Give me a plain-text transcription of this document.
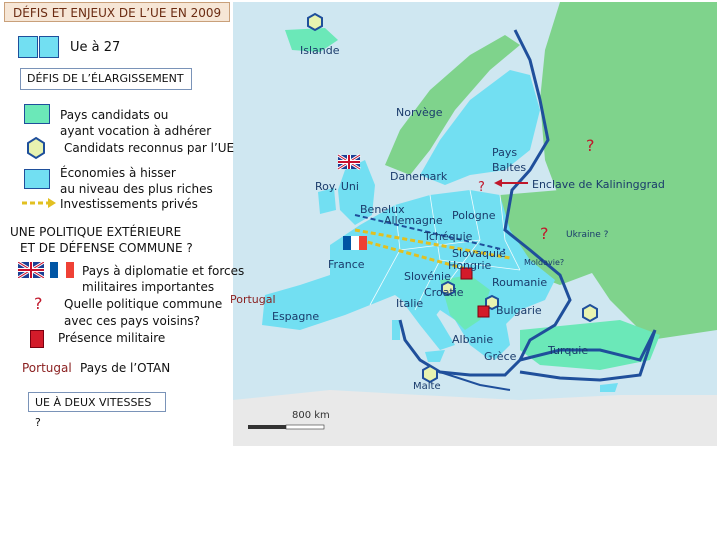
DÉFIS ET ENJEUX DE L’UE EN 2009
Ue à 27
DÉFIS DE L’ÉLARGISSEMENT
Pays candidats ou
ayant vocation à adhérer
Candidats reconnus par l’UE
Économies à hisser
au niveau des plus riches
Investissements privés
UNE POLITIQUE EXTÉRIEURE
ET DE DÉFENSE COMMUNE ?
Pays à diplomatie et forces
militaires importantes
? Quelle politique commune
avec ces pays voisins?
Présence militaire
Portugal Pays de l’OTAN
UE À DEUX VITESSES ?
800 km
Islande
Norvège
Pays
Baltes
Danemark
Roy. Uni
Benelux
Allemagne Pologne
Tchéquie
Slovaquie
Hongrie
Slovénie
Croatie
Roumanie
France
Portugal
Espagne
Italie
Bulgarie
Albanie
Grèce	Turquie
Malte
Ukraine ?
Moldavie?
Enclave de Kalininggrad
?
?
?
